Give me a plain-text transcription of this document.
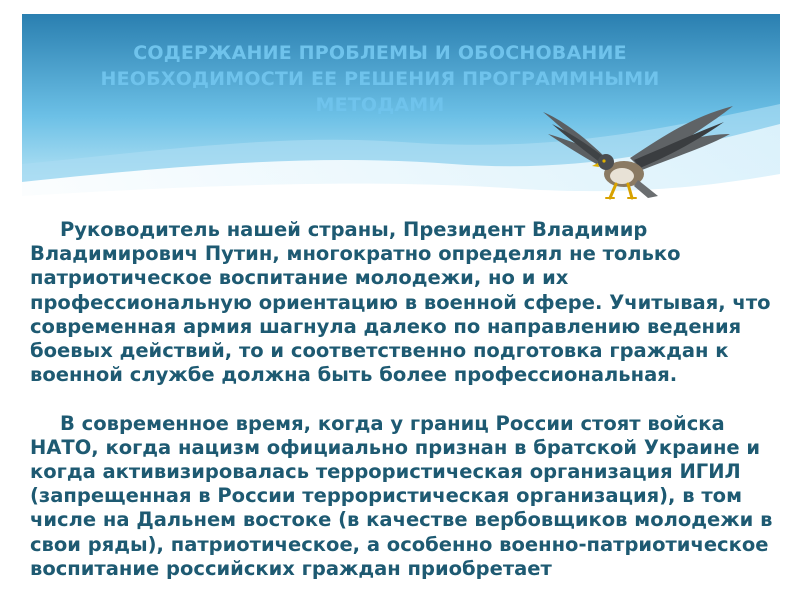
СОДЕРЖАНИЕ ПРОБЛЕМЫ И ОБОСНОВАНИЕ НЕОБХОДИМОСТИ ЕЕ РЕШЕНИЯ ПРОГРАММНЫМИ МЕТОДАМИ

Руководитель нашей страны, Президент Владимир Владимирович Путин, многократно определял не только патриотическое воспитание молодежи, но и их профессиональную ориентацию в военной сфере. Учитывая, что современная армия шагнула далеко по направлению ведения боевых действий, то и соответственно подготовка граждан к военной службе должна быть более профессиональная.

В современное время, когда у границ России стоят войска НАТО, когда нацизм официально признан в братской Украине и когда активизировалась террористическая организация ИГИЛ (запрещенная в России террористическая организация), в том числе на Дальнем востоке (в качестве вербовщиков молодежи в свои ряды), патриотическое, а особенно военно-патриотическое воспитание российских граждан приобретает
